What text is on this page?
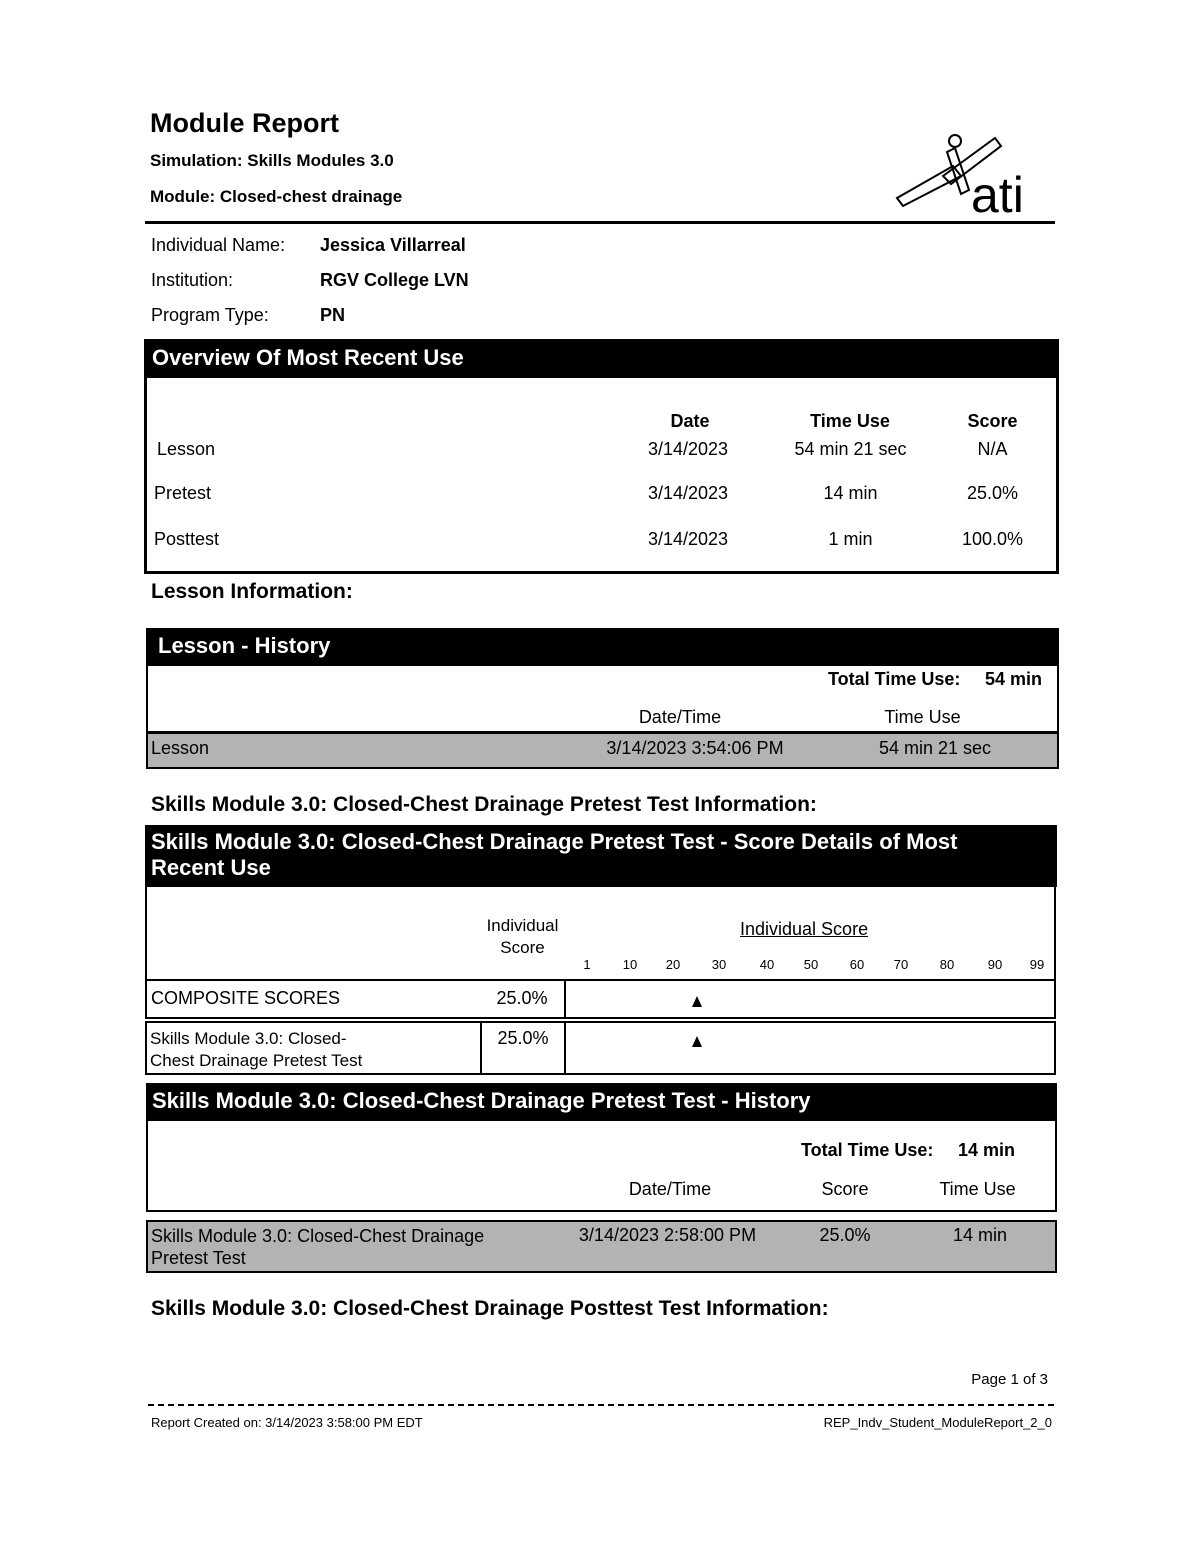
Module Report
Simulation: Skills Modules 3.0
Module: Closed-chest drainage	ati
Individual Name: Jessica Villarreal
Institution:	RGV College LVN
Program Type:	PN
Overview Of Most Recent Use
Date	Time Use	Score
Lesson	3/14/2023	54 min 21 sec	N/A
Pretest	3/14/2023	14 min	25.0%
Posttest	3/14/2023	1 min	100.0%
Lesson Information:
Lesson - History
Total Time Use: 54 min
Date/Time	Time Use
Lesson	3/14/2023 3:54:06 PM	54 min 21 sec
Skills Module 3.0: Closed-Chest Drainage Pretest Test Information:
Skills Module 3.0: Closed-Chest Drainage Pretest Test - Score Details of Most
Recent Use
Individual
Score
Individual Score
1	10	20	30	40	50	60	70	80	90	99
COMPOSITE SCORES	25.0%
Skills Module 3.0: Closed-
Chest Drainage Pretest Test
25.0%
Skills Module 3.0: Closed-Chest Drainage Pretest Test - History
Total Time Use: 14 min
Date/Time	Score	Time Use
Skills Module 3.0: Closed-Chest Drainage
Pretest Test
3/14/2023 2:58:00 PM	25.0%	14 min
Skills Module 3.0: Closed-Chest Drainage Posttest Test Information:
Page 1 of 3
Report Created on: 3/14/2023 3:58:00 PM EDT	REP_Indv_Student_ModuleReport_2_0
